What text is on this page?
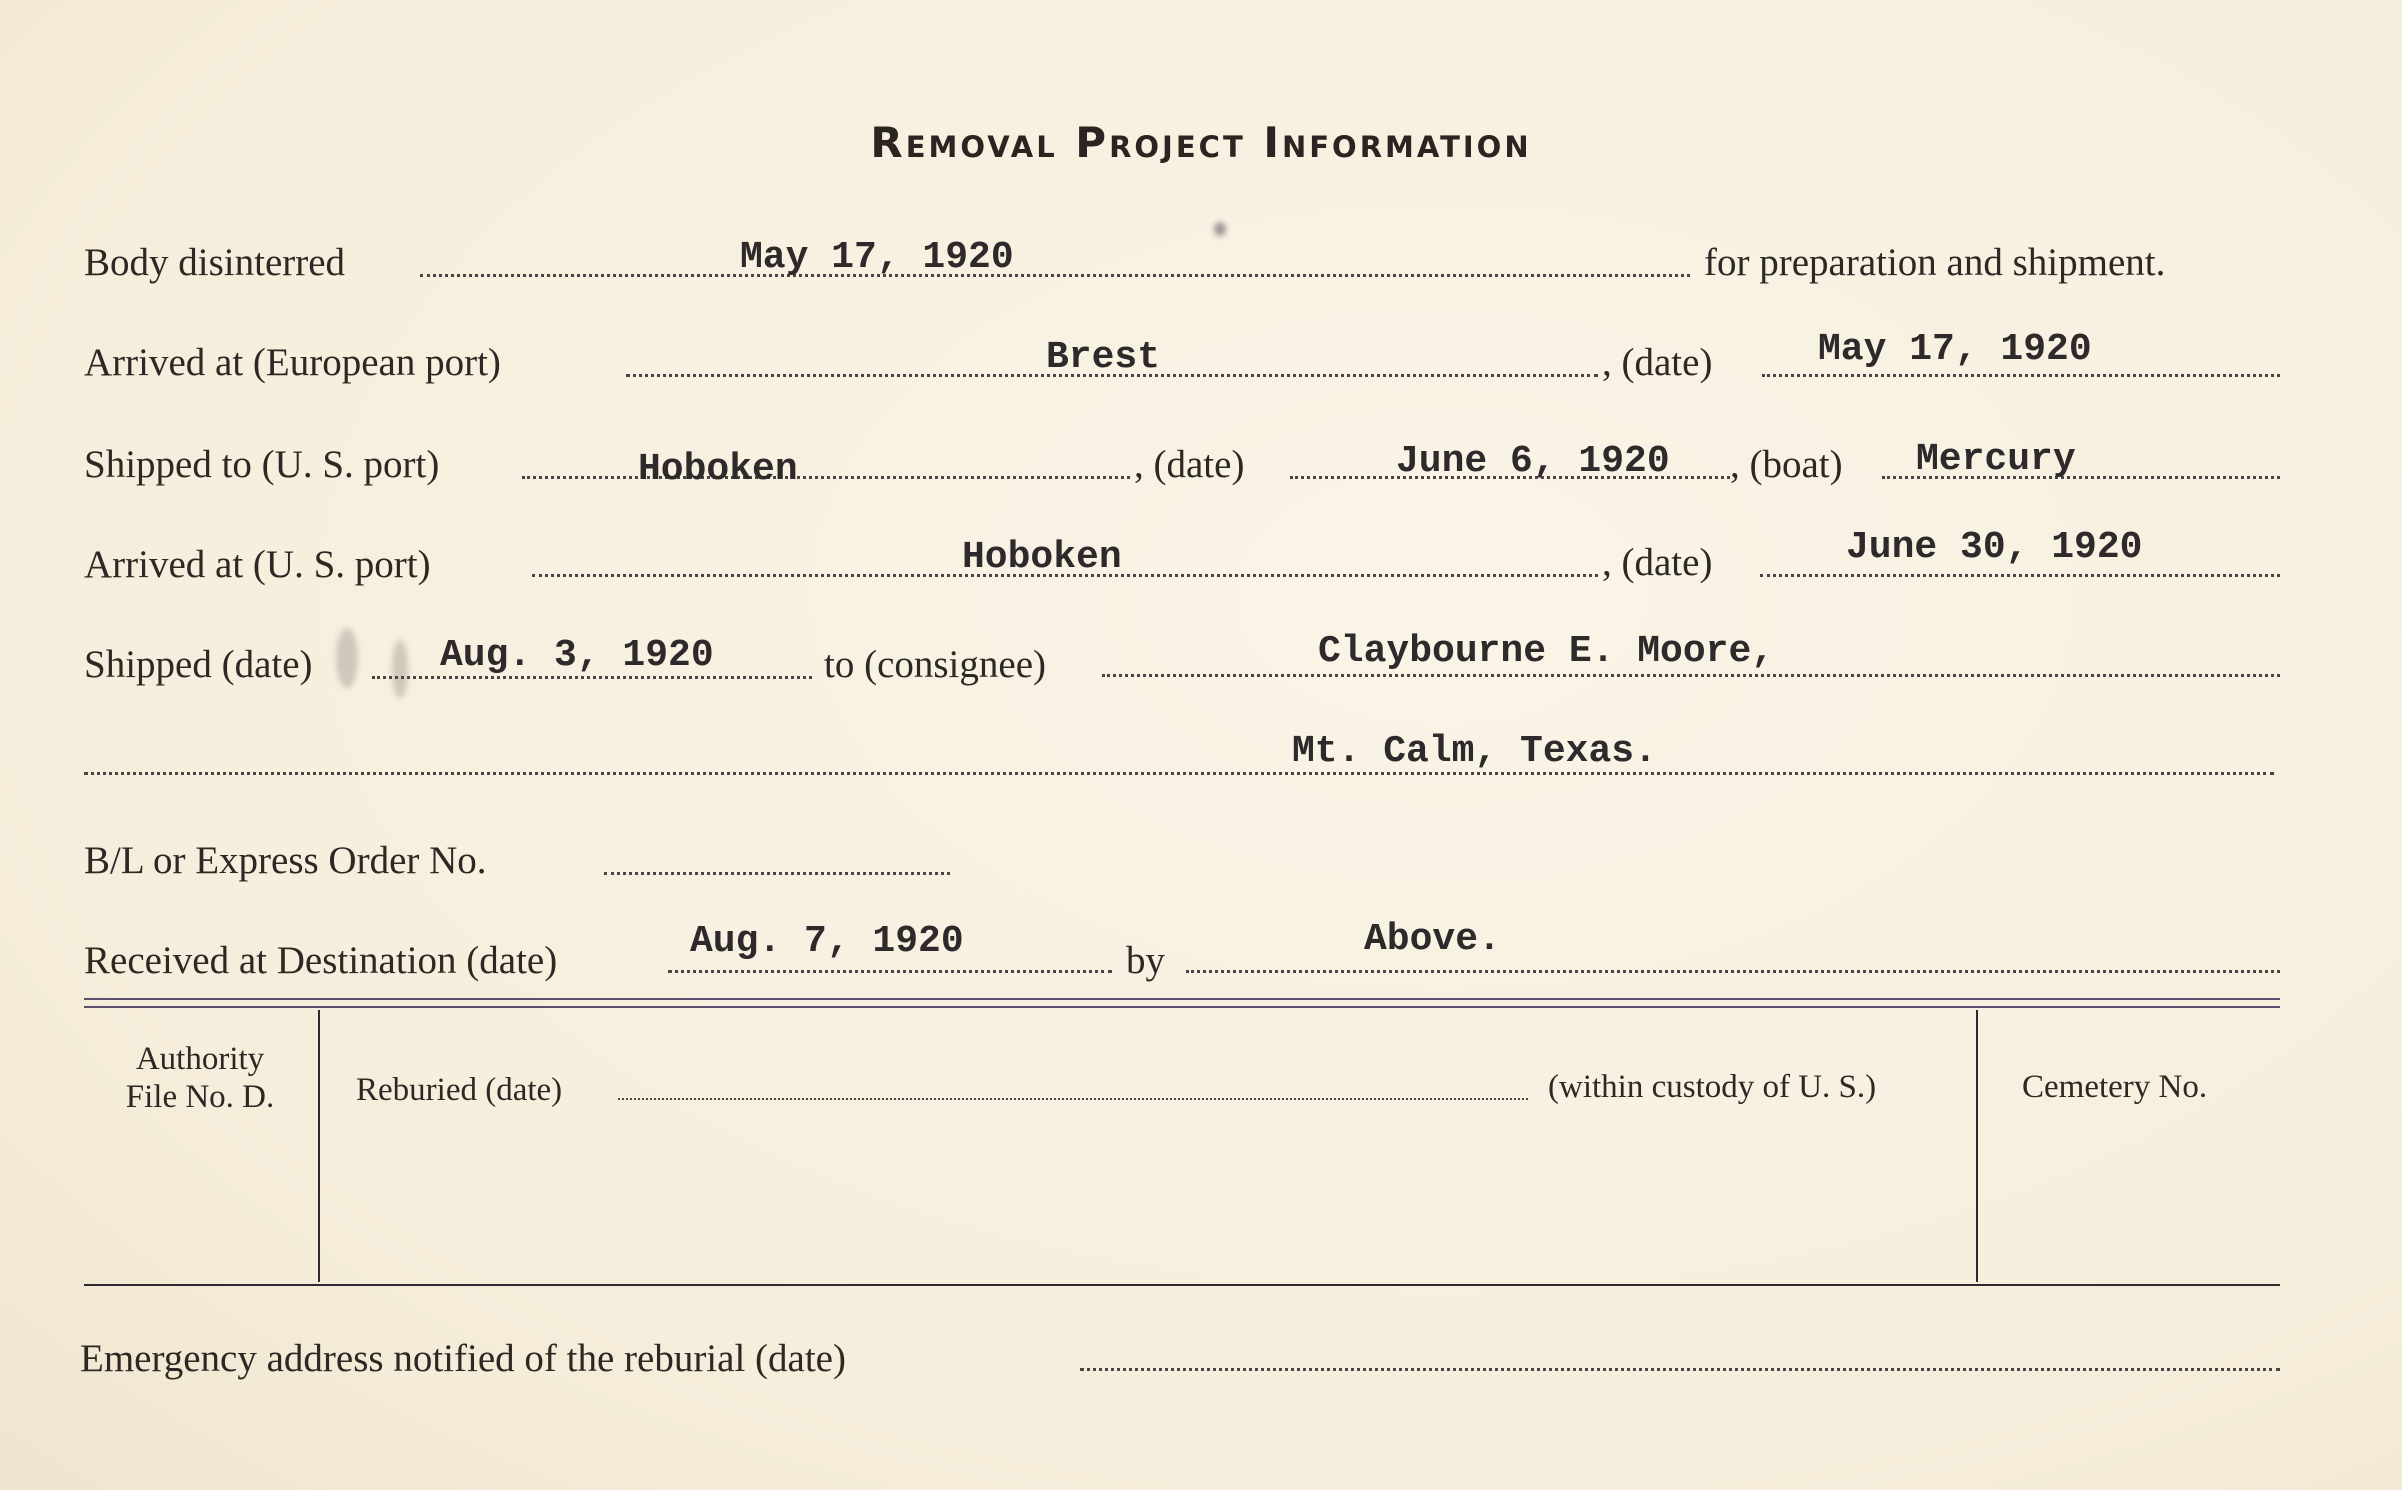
Removal Project Information
Body disinterred	May 17, 1920	for preparation and shipment.
Arrived at (European port)	Brest	, (date)	May 17, 1920
Shipped to (U. S. port)	Hoboken	, (date)	June 6, 1920 , (boat) Mercury
Arrived at (U. S. port)	Hoboken	, (date)	June 30, 1920
Shipped (date)	Aug. 3, 1920	to (consignee)	Claybourne E. Moore,
Mt. Calm, Texas.
B/L or Express Order No.
Received at Destination (date)	Aug. 7, 1920	by	Above.
Authority
File No. D.	Reburied (date)	(within custody of U. S.)	Cemetery No.
Emergency address notified of the reburial (date)
